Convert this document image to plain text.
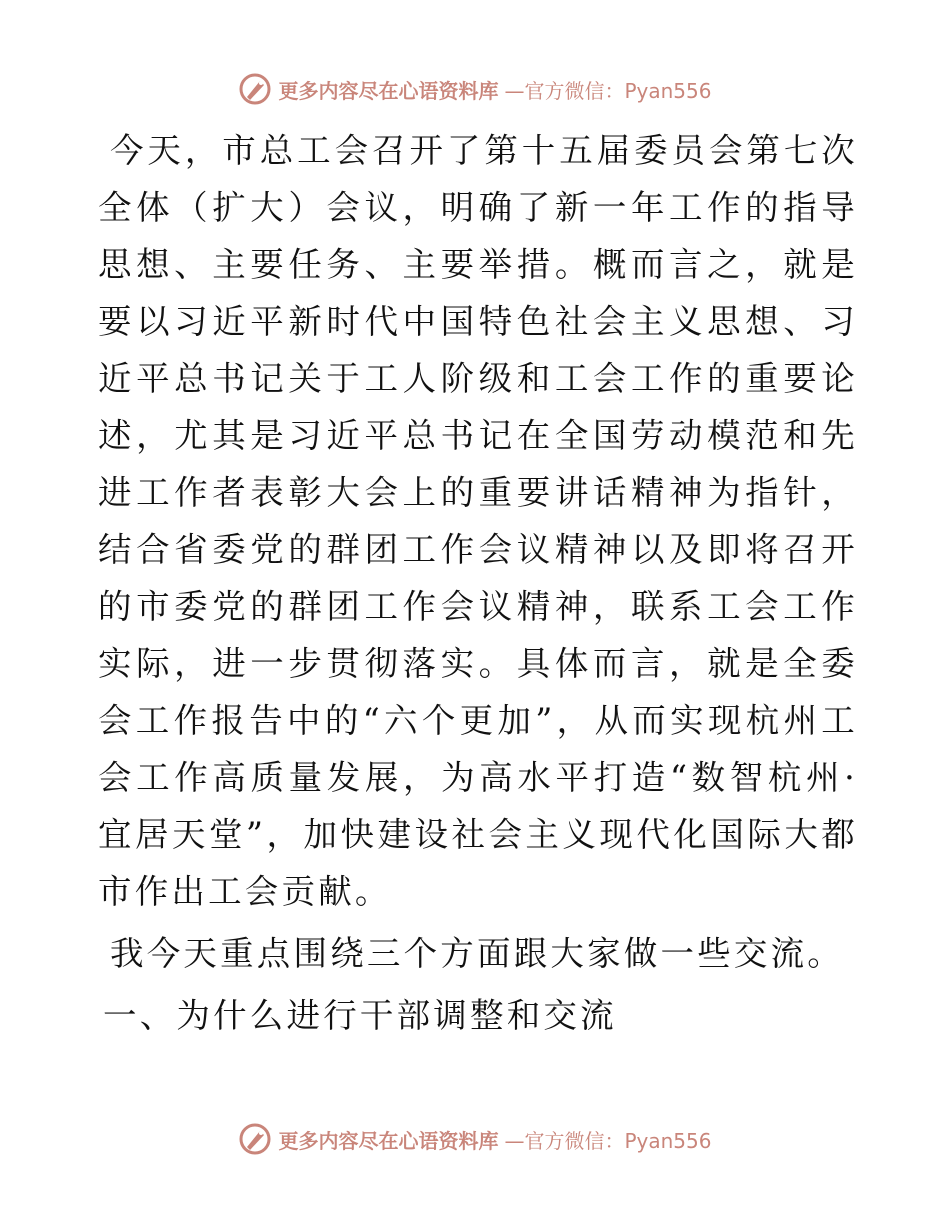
更多内容尽在心语资料库 —官方微信：Pyan556

今天，市总工会召开了第十五届委员会第七次全体（扩大）会议，明确了新一年工作的指导思想、主要任务、主要举措。概而言之，就是要以习近平新时代中国特色社会主义思想、习近平总书记关于工人阶级和工会工作的重要论述，尤其是习近平总书记在全国劳动模范和先进工作者表彰大会上的重要讲话精神为指针，结合省委党的群团工作会议精神以及即将召开的市委党的群团工作会议精神，联系工会工作实际，进一步贯彻落实。具体而言，就是全委会工作报告中的“六个更加”，从而实现杭州工会工作高质量发展，为高水平打造“数智杭州·宜居天堂”，加快建设社会主义现代化国际大都市作出工会贡献。

我今天重点围绕三个方面跟大家做一些交流。

一、为什么进行干部调整和交流

更多内容尽在心语资料库 —官方微信：Pyan556
